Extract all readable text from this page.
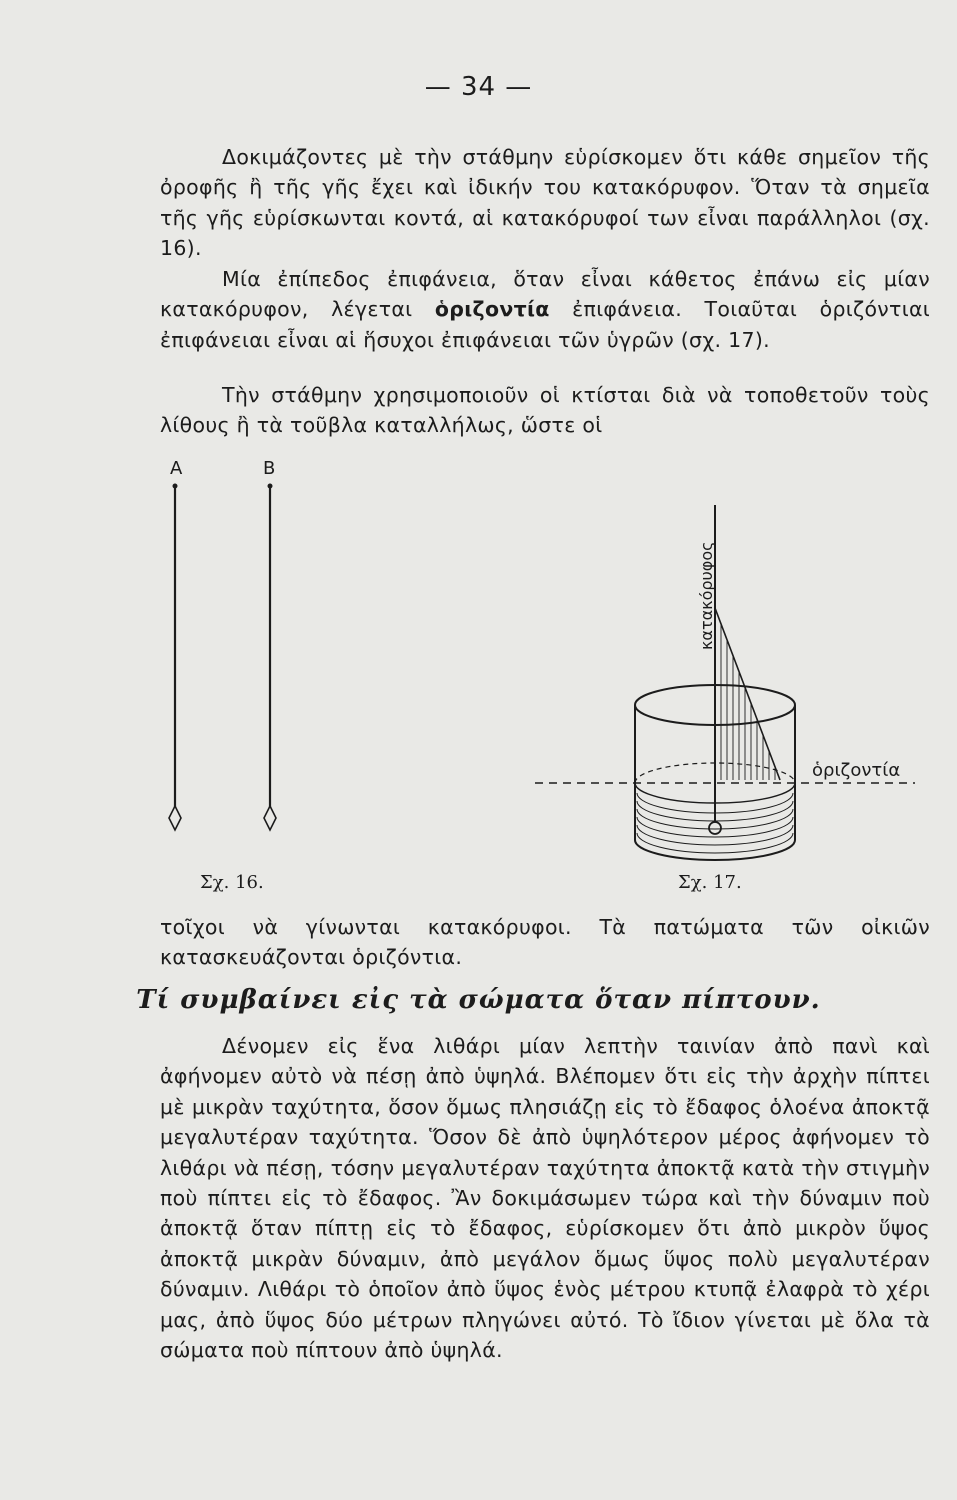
— 34 —

Δοκιμάζοντες μὲ τὴν στάθμην εὑρίσκομεν ὅτι κάθε σημεῖον τῆς ὀροφῆς ἢ τῆς γῆς ἔχει καὶ ἰδικήν του κατακόρυφον. Ὅταν τὰ σημεῖα τῆς γῆς εὑρίσκωνται κοντά, αἱ κατακόρυφοί των εἶναι παράλληλοι (σχ. 16).

Μία ἐπίπεδος ἐπιφάνεια, ὅταν εἶναι κάθετος ἐπάνω εἰς μίαν κατακόρυφον, λέγεται ὁριζοντία ἐπιφάνεια. Τοιαῦται ὁριζόντιαι ἐπιφάνειαι εἶναι αἱ ἥσυχοι ἐπιφάνειαι τῶν ὑγρῶν (σχ. 17).

Τὴν στάθμην χρησιμοποιοῦν οἱ κτίσται διὰ νὰ τοποθετοῦν τοὺς λίθους ἢ τὰ τοῦβλα καταλλήλως, ὥστε οἱ

A	B
κατακόρυφος
ὁριζοντία
Σχ. 16.	Σχ. 17.

τοῖχοι νὰ γίνωνται κατακόρυφοι. Τὰ πατώματα τῶν οἰκιῶν κατασκευάζονται ὁριζόντια.

Τί συμβαίνει εἰς τὰ σώματα ὅταν πίπτουν.

Δένομεν εἰς ἕνα λιθάρι μίαν λεπτὴν ταινίαν ἀπὸ πανὶ καὶ ἀφήνομεν αὐτὸ νὰ πέσῃ ἀπὸ ὑψηλά. Βλέπομεν ὅτι εἰς τὴν ἀρχὴν πίπτει μὲ μικρὰν ταχύτητα, ὅσον ὅμως πλησιάζῃ εἰς τὸ ἔδαφος ὁλοένα ἀποκτᾷ μεγαλυτέραν ταχύτητα. Ὅσον δὲ ἀπὸ ὑψηλότερον μέρος ἀφήνομεν τὸ λιθάρι νὰ πέσῃ, τόσην μεγαλυτέραν ταχύτητα ἀποκτᾷ κατὰ τὴν στιγμὴν ποὺ πίπτει εἰς τὸ ἔδαφος. Ἂν δοκιμάσωμεν τώρα καὶ τὴν δύναμιν ποὺ ἀποκτᾷ ὅταν πίπτῃ εἰς τὸ ἔδαφος, εὑρίσκομεν ὅτι ἀπὸ μικρὸν ὕψος ἀποκτᾷ μικρὰν δύναμιν, ἀπὸ μεγάλον ὅμως ὕψος πολὺ μεγαλυτέραν δύναμιν. Λιθάρι τὸ ὁποῖον ἀπὸ ὕψος ἑνὸς μέτρου κτυπᾷ ἐλαφρὰ τὸ χέρι μας, ἀπὸ ὕψος δύο μέτρων πληγώνει αὐτό. Τὸ ἴδιον γίνεται μὲ ὅλα τὰ σώματα ποὺ πίπτουν ἀπὸ ὑψηλά.
